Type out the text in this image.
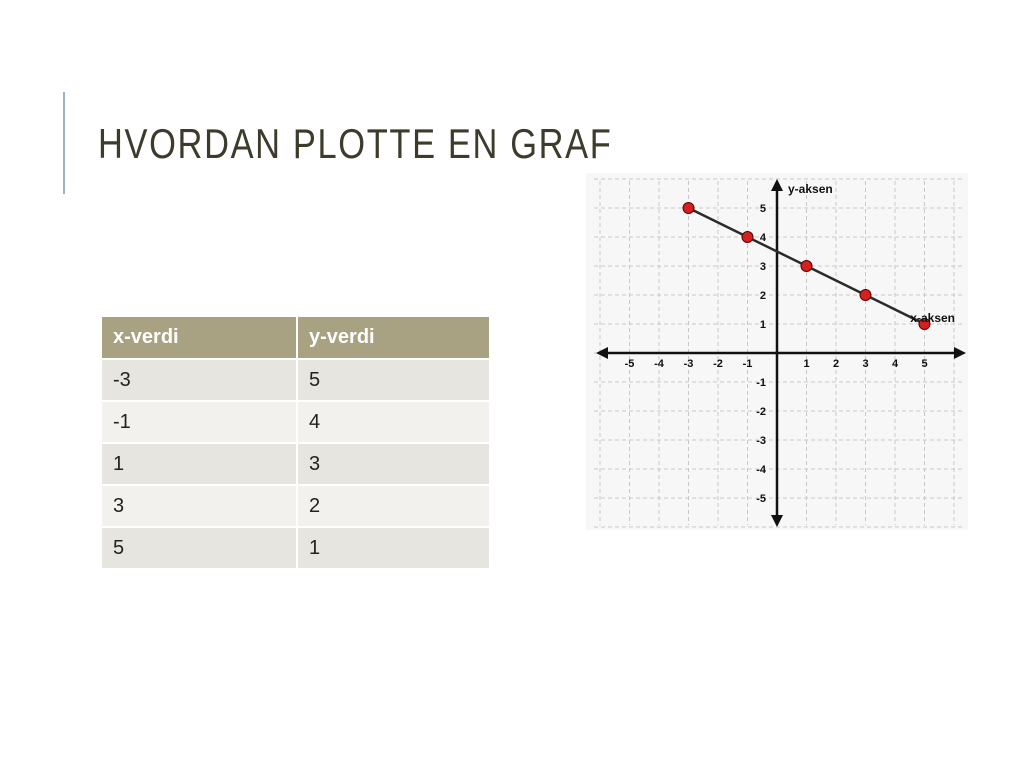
HVORDAN PLOTTE EN GRAF
x-verdi	y-verdi
-3	5
-1	4
1	3
3	2
5	1
-5 -4 -3 -2 -1	1 2 3 4 5
-5
-4
-3
-2
-1
1
2
3
4
5
x-aksen
y-aksen
